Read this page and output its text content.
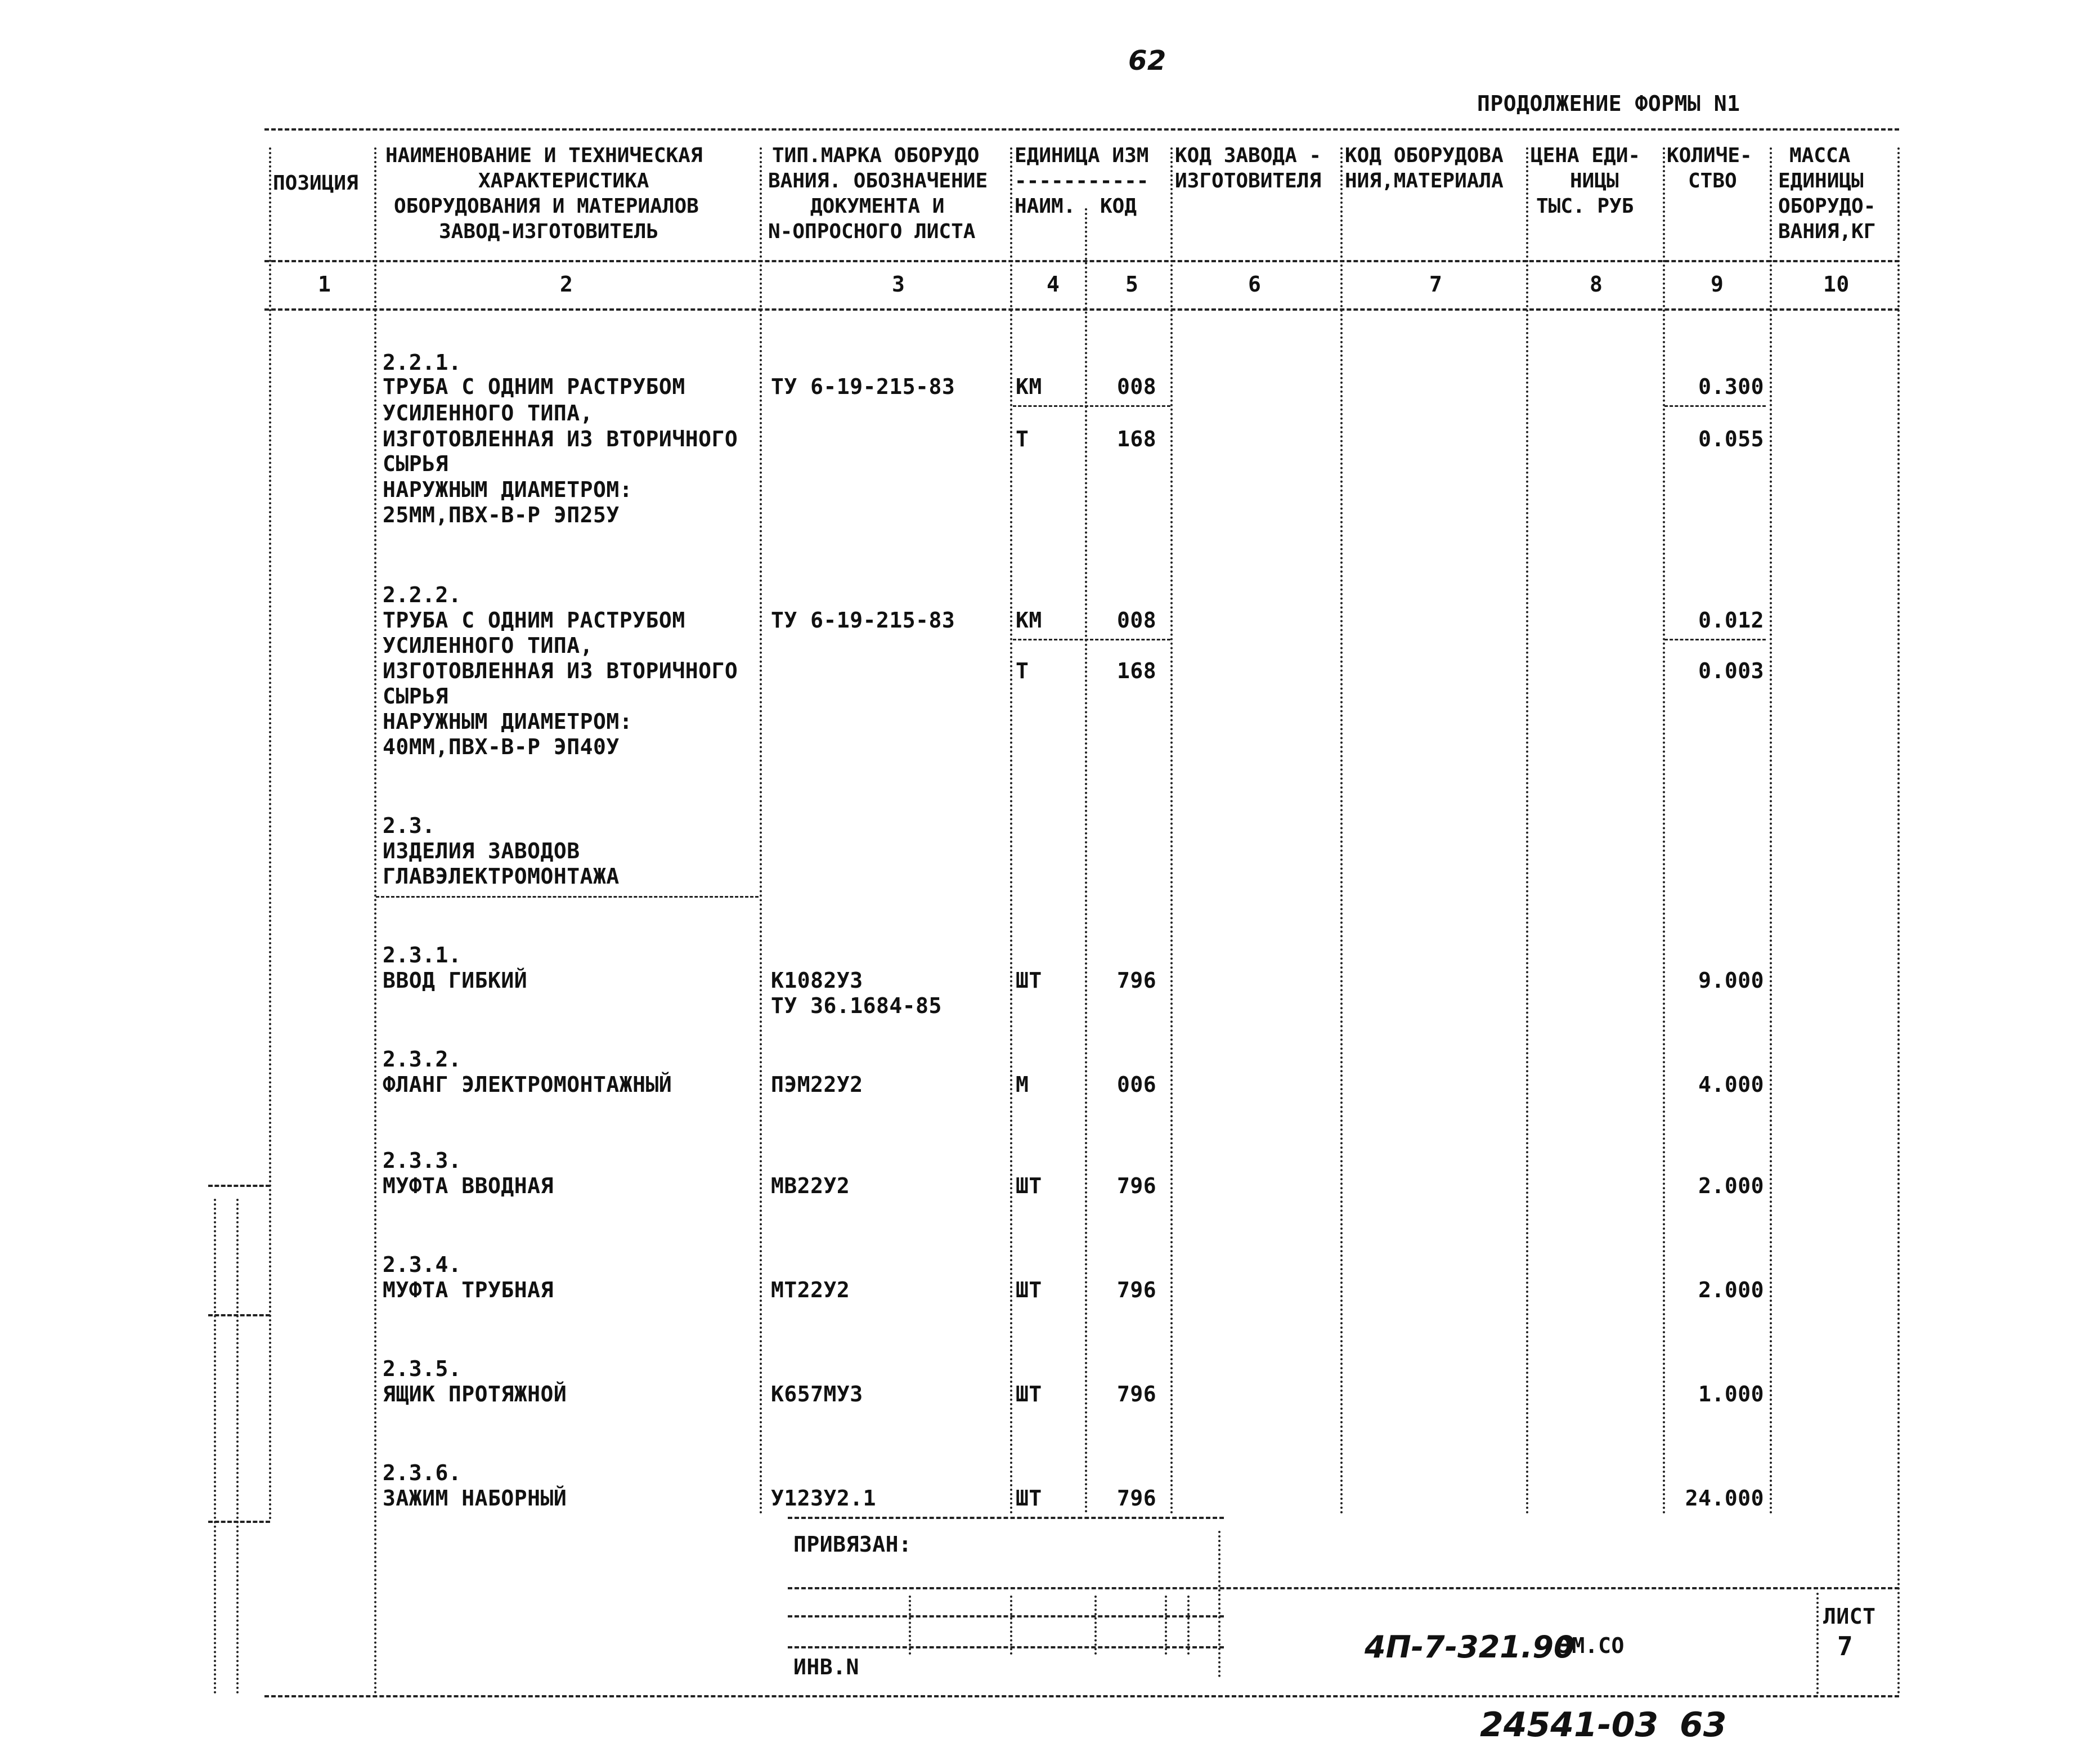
62
ПРОДОЛЖЕНИЕ ФОРМЫ N1
ПОЗИЦИЯ
НАИМЕНОВАНИЕ И ТЕХНИЧЕСКАЯ
ХАРАКТЕРИСТИКА
ОБОРУДОВАНИЯ И МАТЕРИАЛОВ
ЗАВОД-ИЗГОТОВИТЕЛЬ
ТИП.МАРКА ОБОРУДО
ВАНИЯ. ОБОЗНАЧЕНИЕ
ДОКУМЕНТА И
N-ОПРОСНОГО ЛИСТА
ЕДИНИЦА ИЗМ
-----------
НАИМ. КОД
КОД ЗАВОДА -
ИЗГОТОВИТЕЛЯ
КОД ОБОРУДОВА
НИЯ,МАТЕРИАЛА
ЦЕНА ЕДИ-
НИЦЫ
ТЫС. РУБ
КОЛИЧЕ-
СТВО
МАССА
ЕДИНИЦЫ
ОБОРУДО-
ВАНИЯ,КГ
1	2	3	4	5	6	7	8	9	10
2.2.1.
ТРУБА С ОДНИМ РАСТРУБОМ	ТУ 6-19-215-83	КМ	008	0.300
УСИЛЕННОГО ТИПА,
ИЗГОТОВЛЕННАЯ ИЗ ВТОРИЧНОГО	Т	168	0.055
СЫРЬЯ
НАРУЖНЫМ ДИАМЕТРОМ:
25ММ,ПВХ-В-Р ЭП25У
2.2.2.
ТРУБА С ОДНИМ РАСТРУБОМ	ТУ 6-19-215-83	КМ	008	0.012
УСИЛЕННОГО ТИПА,
ИЗГОТОВЛЕННАЯ ИЗ ВТОРИЧНОГО	Т	168	0.003
СЫРЬЯ
НАРУЖНЫМ ДИАМЕТРОМ:
40ММ,ПВХ-В-Р ЭП40У
2.3.
ИЗДЕЛИЯ ЗАВОДОВ
ГЛАВЭЛЕКТРОМОНТАЖА
2.3.1.
ВВОД ГИБКИЙ	К1082У3	ШТ	796	9.000
ТУ 36.1684-85
2.3.2.
ФЛАНГ ЭЛЕКТРОМОНТАЖНЫЙ	ПЭМ22У2	М	006	4.000
2.3.3.
МУФТА ВВОДНАЯ	МВ22У2	ШТ	796	2.000
2.3.4.
МУФТА ТРУБНАЯ	МТ22У2	ШТ	796	2.000
2.3.5.
ЯЩИК ПРОТЯЖНОЙ	К657МУ3	ШТ	796	1.000
2.3.6.
ЗАЖИМ НАБОРНЫЙ	У123У2.1	ШТ	796	24.000
ПРИВЯЗАН:
ИНВ.N
4П-7-321.90
ЭМ.СО
ЛИСТ
7
24541-03 63
